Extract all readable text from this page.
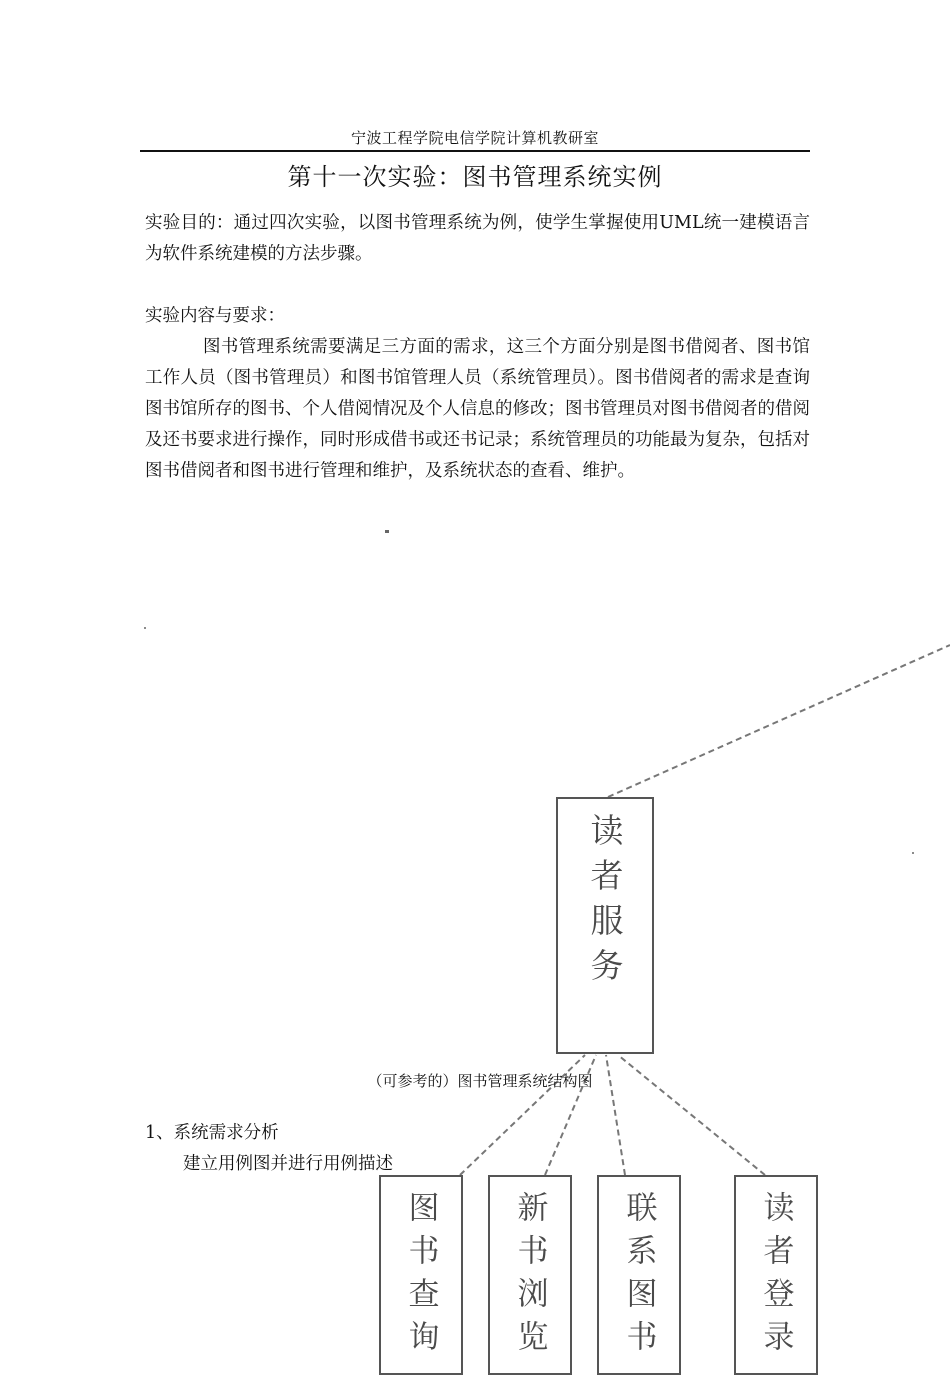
宁波工程学院电信学院计算机教研室
第十一次实验：图书管理系统实例
实验目的：通过四次实验，以图书管理系统为例，使学生掌握使用UML统一建模语言为软件系统建模的方法步骤。
实验内容与要求：
图书管理系统需要满足三方面的需求，这三个方面分别是图书借阅者、图书馆工作人员（图书管理员）和图书馆管理人员（系统管理员）。图书借阅者的需求是查询图书馆所存的图书、个人借阅情况及个人信息的修改；图书管理员对图书借阅者的借阅及还书要求进行操作，同时形成借书或还书记录；系统管理员的功能最为复杂，包括对图书借阅者和图书进行管理和维护，及系统状态的查看、维护。
读者服务
（可参考的）图书管理系统结构图
图书查询 新书浏览 联系图书	读者登录
1、系统需求分析
建立用例图并进行用例描述
